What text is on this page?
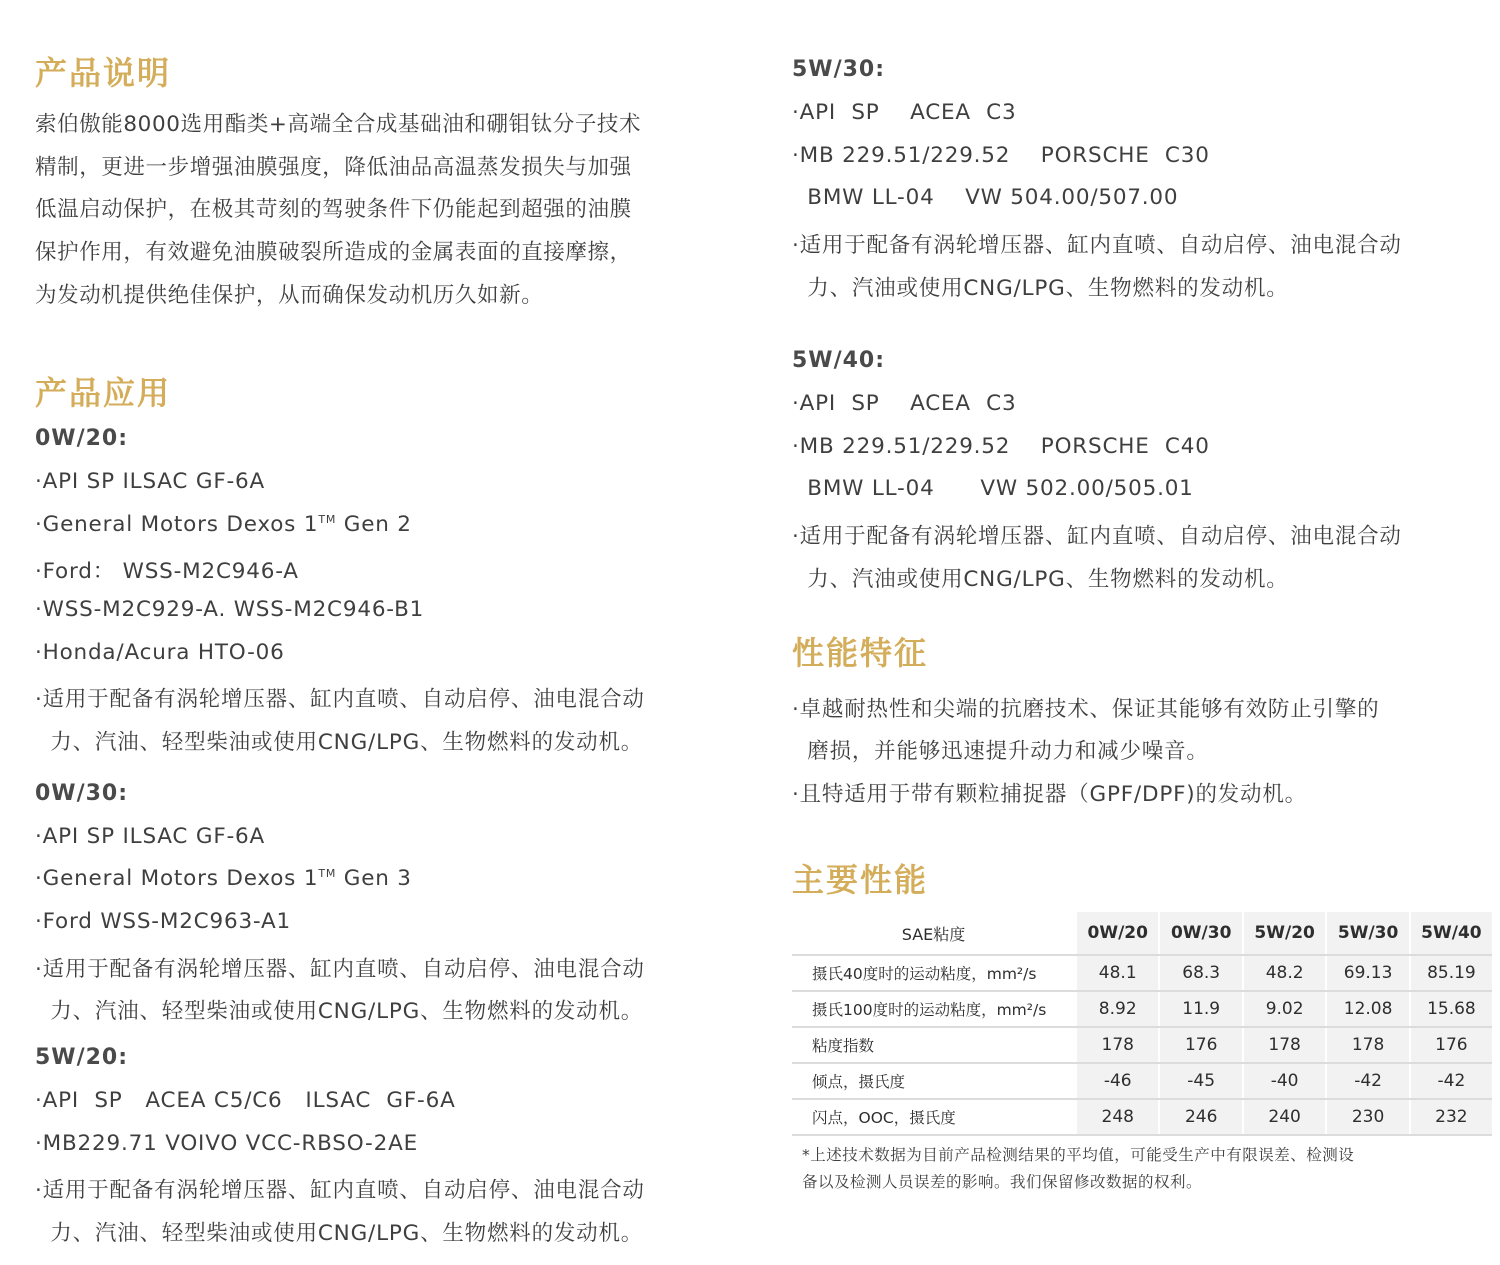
产品说明
索伯傲能8000选用酯类+高端全合成基础油和硼钼钛分子技术
精制，更进一步增强油膜强度，降低油品高温蒸发损失与加强
低温启动保护，在极其苛刻的驾驶条件下仍能起到超强的油膜
保护作用，有效避免油膜破裂所造成的金属表面的直接摩擦，
为发动机提供绝佳保护，从而确保发动机历久如新。
产品应用
0W/20:
·API SP ILSAC GF-6A
·General Motors Dexos 1™ Gen 2
·Ford： WSS-M2C946-A
·WSS-M2C929-A. WSS-M2C946-B1
·Honda/Acura HTO-06
·适用于配备有涡轮增压器、缸内直喷、自动启停、油电混合动
力、汽油、轻型柴油或使用CNG/LPG、生物燃料的发动机。
0W/30:
·API SP ILSAC GF-6A
·General Motors Dexos 1™ Gen 3
·Ford WSS-M2C963-A1
·适用于配备有涡轮增压器、缸内直喷、自动启停、油电混合动
力、汽油、轻型柴油或使用CNG/LPG、生物燃料的发动机。
5W/20:
·API  SP   ACEA C5/C6   ILSAC  GF-6A
·MB229.71 VOIVO VCC-RBSO-2AE
·适用于配备有涡轮增压器、缸内直喷、自动启停、油电混合动
力、汽油、轻型柴油或使用CNG/LPG、生物燃料的发动机。
5W/30:
·API  SP    ACEA  C3
·MB 229.51/229.52    PORSCHE  C30
BMW LL-04    VW 504.00/507.00
·适用于配备有涡轮增压器、缸内直喷、自动启停、油电混合动
力、汽油或使用CNG/LPG、生物燃料的发动机。
5W/40:
·API  SP    ACEA  C3
·MB 229.51/229.52    PORSCHE  C40
BMW LL-04      VW 502.00/505.01
·适用于配备有涡轮增压器、缸内直喷、自动启停、油电混合动
力、汽油或使用CNG/LPG、生物燃料的发动机。
性能特征
·卓越耐热性和尖端的抗磨技术、保证其能够有效防止引擎的
磨损，并能够迅速提升动力和减少噪音。
·且特适用于带有颗粒捕捉器（GPF/DPF)的发动机。
主要性能
SAE粘度	0W/20	0W/30	5W/20	5W/30	5W/40
摄氏40度时的运动粘度，mm²/s	48.1	68.3	48.2	69.13	85.19
摄氏100度时的运动粘度，mm²/s	8.92	11.9	9.02	12.08	15.68
粘度指数	178	176	178	178	176
倾点，摄氏度	-46	-45	-40	-42	-42
闪点，OOC，摄氏度	248	246	240	230	232
*上述技术数据为目前产品检测结果的平均值，可能受生产中有限误差、检测设
备以及检测人员误差的影响。我们保留修改数据的权利。
